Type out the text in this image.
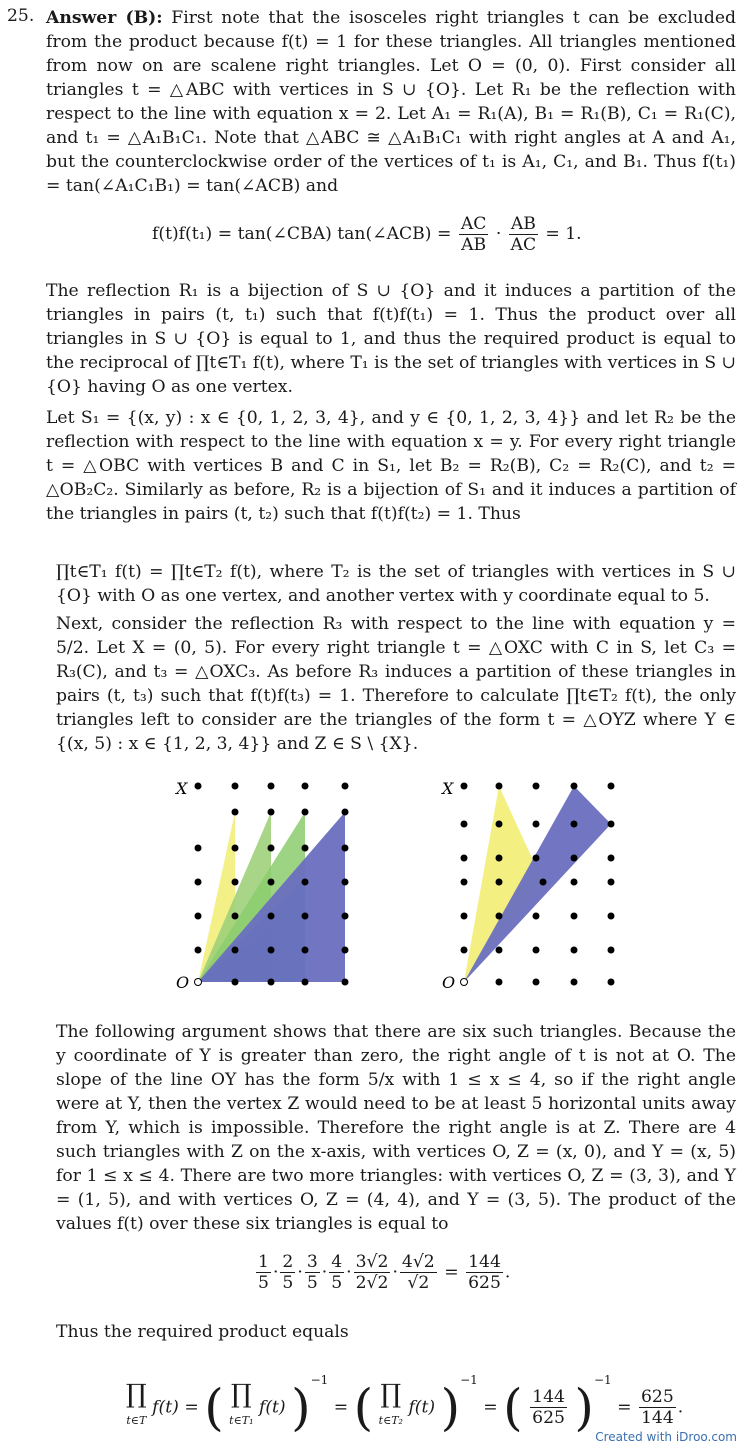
25. Answer (B): First note that the isosceles right triangles t can be excluded from the product because f(t) = 1 for these triangles. All triangles mentioned from now on are scalene right triangles. Let O = (0, 0). First consider all triangles t = △ABC with vertices in S ∪ {O}. Let R₁ be the reflection with respect to the line with equation x = 2. Let A₁ = R₁(A), B₁ = R₁(B), C₁ = R₁(C), and t₁ = △A₁B₁C₁. Note that △ABC ≅ △A₁B₁C₁ with right angles at A and A₁, but the counterclockwise order of the vertices of t₁ is A₁, C₁, and B₁. Thus f(t₁) = tan(∠A₁C₁B₁) = tan(∠ACB) and

f(t)f(t₁) = tan(∠CBA) tan(∠ACB) = $\frac{AC}{AB} \cdot \frac{AB}{AC} = 1$.

The reflection R₁ is a bijection of S ∪ {O} and it induces a partition of the triangles in pairs (t, t₁) such that f(t)f(t₁) = 1. Thus the product over all triangles in S ∪ {O} is equal to 1, and thus the required product is equal to the reciprocal of ∏t∈T₁ f(t), where T₁ is the set of triangles with vertices in S ∪ {O} having O as one vertex.

Let S₁ = {(x, y) : x ∈ {0, 1, 2, 3, 4}, and y ∈ {0, 1, 2, 3, 4}} and let R₂ be the reflection with respect to the line with equation x = y. For every right triangle t = △OBC with vertices B and C in S₁, let B₂ = R₂(B), C₂ = R₂(C), and t₂ = △OB₂C₂. Similarly as before, R₂ is a bijection of S₁ and it induces a partition of the triangles in pairs (t, t₂) such that f(t)f(t₂) = 1. Thus

∏t∈T₁ f(t) = ∏t∈T₂ f(t), where T₂ is the set of triangles with vertices in S ∪ {O} with O as one vertex, and another vertex with y coordinate equal to 5.

Next, consider the reflection R₃ with respect to the line with equation y = 5/2. Let X = (0, 5). For every right triangle t = △OXC with C in S, let C₃ = R₃(C), and t₃ = △OXC₃. As before R₃ induces a partition of these triangles in pairs (t, t₃) such that f(t)f(t₃) = 1. Therefore to calculate ∏t∈T₂ f(t), the only triangles left to consider are the triangles of the form t = △OYZ where Y ∈ {(x, 5) : x ∈ {1, 2, 3, 4}} and Z ∈ S \ {X}.

X
O
X
O

The following argument shows that there are six such triangles. Because the y coordinate of Y is greater than zero, the right angle of t is not at O. The slope of the line OY has the form 5/x with 1 ≤ x ≤ 4, so if the right angle were at Y, then the vertex Z would need to be at least 5 horizontal units away from Y, which is impossible. Therefore the right angle is at Z. There are 4 such triangles with Z on the x-axis, with vertices O, Z = (x, 0), and Y = (x, 5) for 1 ≤ x ≤ 4. There are two more triangles: with vertices O, Z = (3, 3), and Y = (1, 5), and with vertices O, Z = (4, 4), and Y = (3, 5). The product of the values f(t) over these six triangles is equal to

$\frac{1}{5} \cdot \frac{2}{5} \cdot \frac{3}{5} \cdot \frac{4}{5} \cdot \frac{3√2}{2√2} \cdot \frac{4√2}{√2} = \frac{144}{625}$ .

Thus the required product equals

∏
t∈T f(t) = ( ∏
t∈T₁ f(t) )$^{-1}$ = ( ∏
t∈T₂ f(t) )$^{-1}$ = ( $\frac{144}{625} )^{-1} = \frac{625}{144}$ .
Created with iDroo.com
